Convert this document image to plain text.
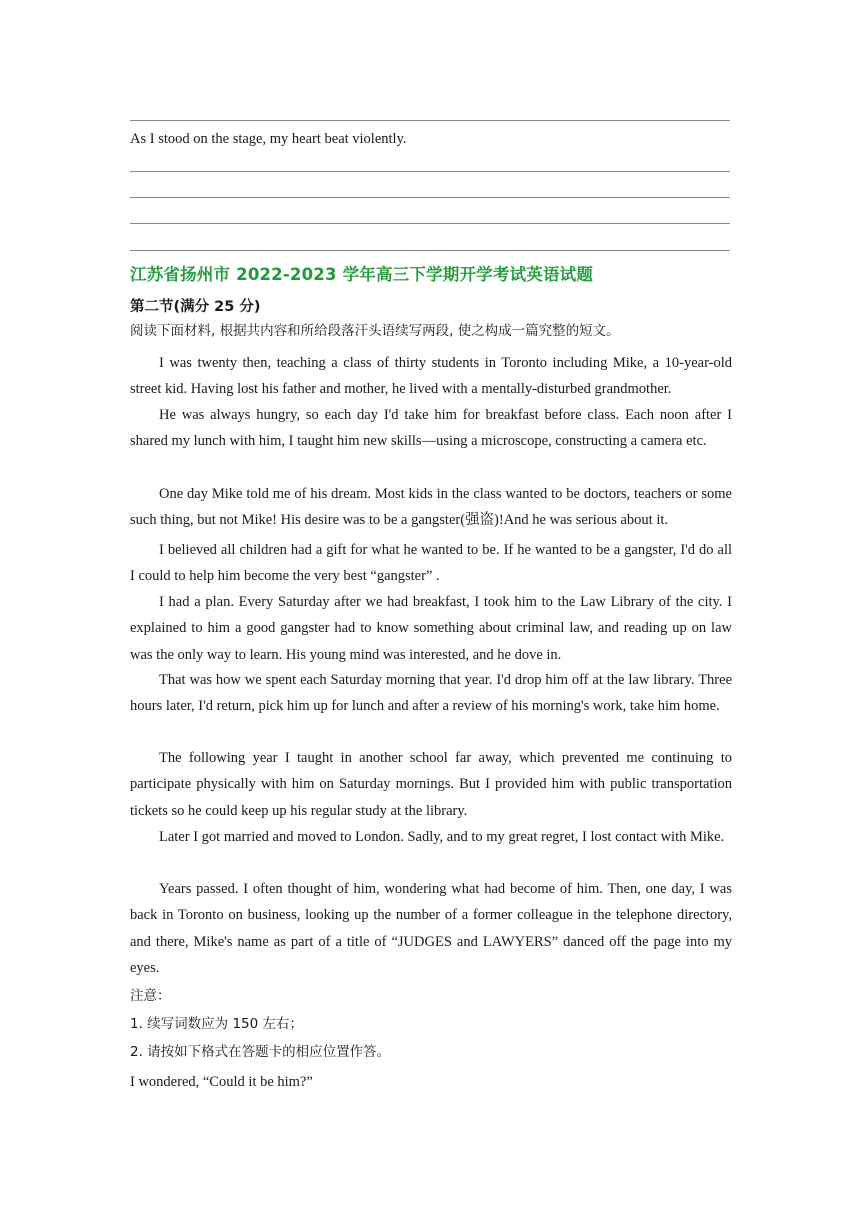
As I stood on the stage, my heart beat violently.
江苏省扬州市 2022-2023 学年高三下学期开学考试英语试题
第二节(满分 25 分)
阅读下面材料, 根据共内容和所给段落汗头语续写两段, 使之构成一篇究整的短文。

I was twenty then, teaching a class of thirty students in Toronto including Mike, a 10-year-old street kid. Having lost his father and mother, he lived with a mentally-disturbed grandmother.

He was always hungry, so each day I'd take him for breakfast before class. Each noon after I shared my lunch with him, I taught him new skills—using a microscope, constructing a camera etc.

One day Mike told me of his dream. Most kids in the class wanted to be doctors, teachers or some such thing, but not Mike! His desire was to be a gangster(强盗)!And he was serious about it.

I believed all children had a gift for what he wanted to be. If he wanted to be a gangster, I'd do all I could to help him become the very best “gangster” .

I had a plan. Every Saturday after we had breakfast, I took him to the Law Library of the city. I explained to him a good gangster had to know something about criminal law, and reading up on law was the only way to learn. His young mind was interested, and he dove in.

That was how we spent each Saturday morning that year. I'd drop him off at the law library. Three hours later, I'd return, pick him up for lunch and after a review of his morning's work, take him home.

The following year I taught in another school far away, which prevented me continuing to participate physically with him on Saturday mornings. But I provided him with public transportation tickets so he could keep up his regular study at the library.

Later I got married and moved to London. Sadly, and to my great regret, I lost contact with Mike.

Years passed. I often thought of him, wondering what had become of him. Then, one day, I was back in Toronto on business, looking up the number of a former colleague in the telephone directory, and there, Mike's name as part of a title of “JUDGES and LAWYERS” danced off the page into my eyes.

注意：
1. 续写词数应为 150 左右；
2. 请按如下格式在答题卡的相应位置作答。
I wondered, “Could it be him?”
